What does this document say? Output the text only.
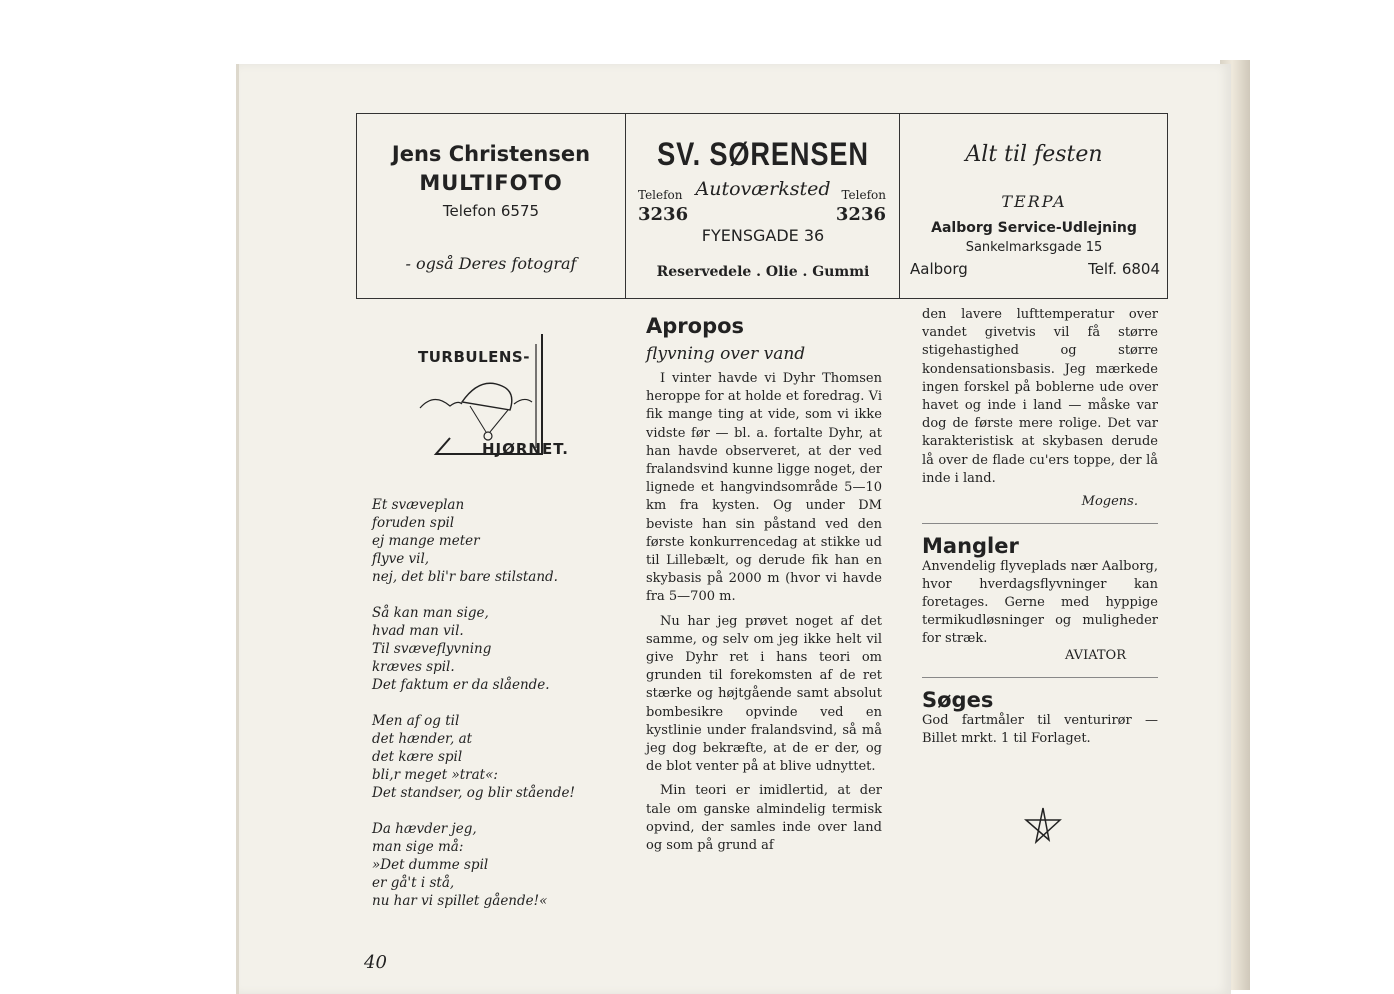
Jens Christensen
MULTIFOTO
Telefon 6575
- også Deres fotograf
SV. SØRENSEN
Telefon
3236
Autoværksted Telefon
3236
FYENSGADE 36
Reservedele . Olie . Gummi
Alt til festen
TERPA
Aalborg Service-Udlejning
Sankelmarksgade 15
Aalborg	Telf. 6804
TURBULENS-
HJØRNET.
Et svæveplan
foruden spil
ej mange meter
flyve vil,
nej, det bli'r bare stilstand.
Så kan man sige,
hvad man vil.
Til svæveflyvning
kræves spil.
Det faktum er da slående.
Men af og til
det hænder, at
det kære spil
bli,r meget »trat«:
Det standser, og blir stående!
Da hævder jeg,
man sige må:
»Det dumme spil
er gå't i stå,
nu har vi spillet gående!«
40
Apropos
flyvning over vand

I vinter havde vi Dyhr Thomsen heroppe for at holde et foredrag. Vi fik mange ting at vide, som vi ikke vidste før — bl. a. fortalte Dyhr, at han havde observeret, at der ved fralandsvind kunne ligge noget, der lignede et hangvindsområde 5—10 km fra kysten. Og under DM beviste han sin påstand ved den første konkurrencedag at stikke ud til Lillebælt, og derude fik han en skybasis på 2000 m (hvor vi havde fra 5—700 m.

Nu har jeg prøvet noget af det samme, og selv om jeg ikke helt vil give Dyhr ret i hans teori om grunden til forekomsten af de ret stærke og højtgående samt absolut bombesikre opvinde ved en kystlinie under fralandsvind, så må jeg dog bekræfte, at de er der, og de blot venter på at blive udnyttet.

Min teori er imidlertid, at der tale om ganske almindelig termisk opvind, der samles inde over land og som på grund af

den lavere lufttemperatur over vandet givetvis vil få større stigehastighed og større kondensationsbasis. Jeg mærkede ingen forskel på boblerne ude over havet og inde i land — måske var dog de første mere rolige. Det var karakteristisk at skybasen derude lå over de flade cu'ers toppe, der lå inde i land.

Mogens.
Mangler
Anvendelig flyveplads nær Aalborg, hvor hverdagsflyvninger kan foretages. Gerne med hyppige termikudløsninger og muligheder for stræk.
AVIATOR
Søges
God fartmåler til venturirør — Billet mrkt. 1 til Forlaget.
